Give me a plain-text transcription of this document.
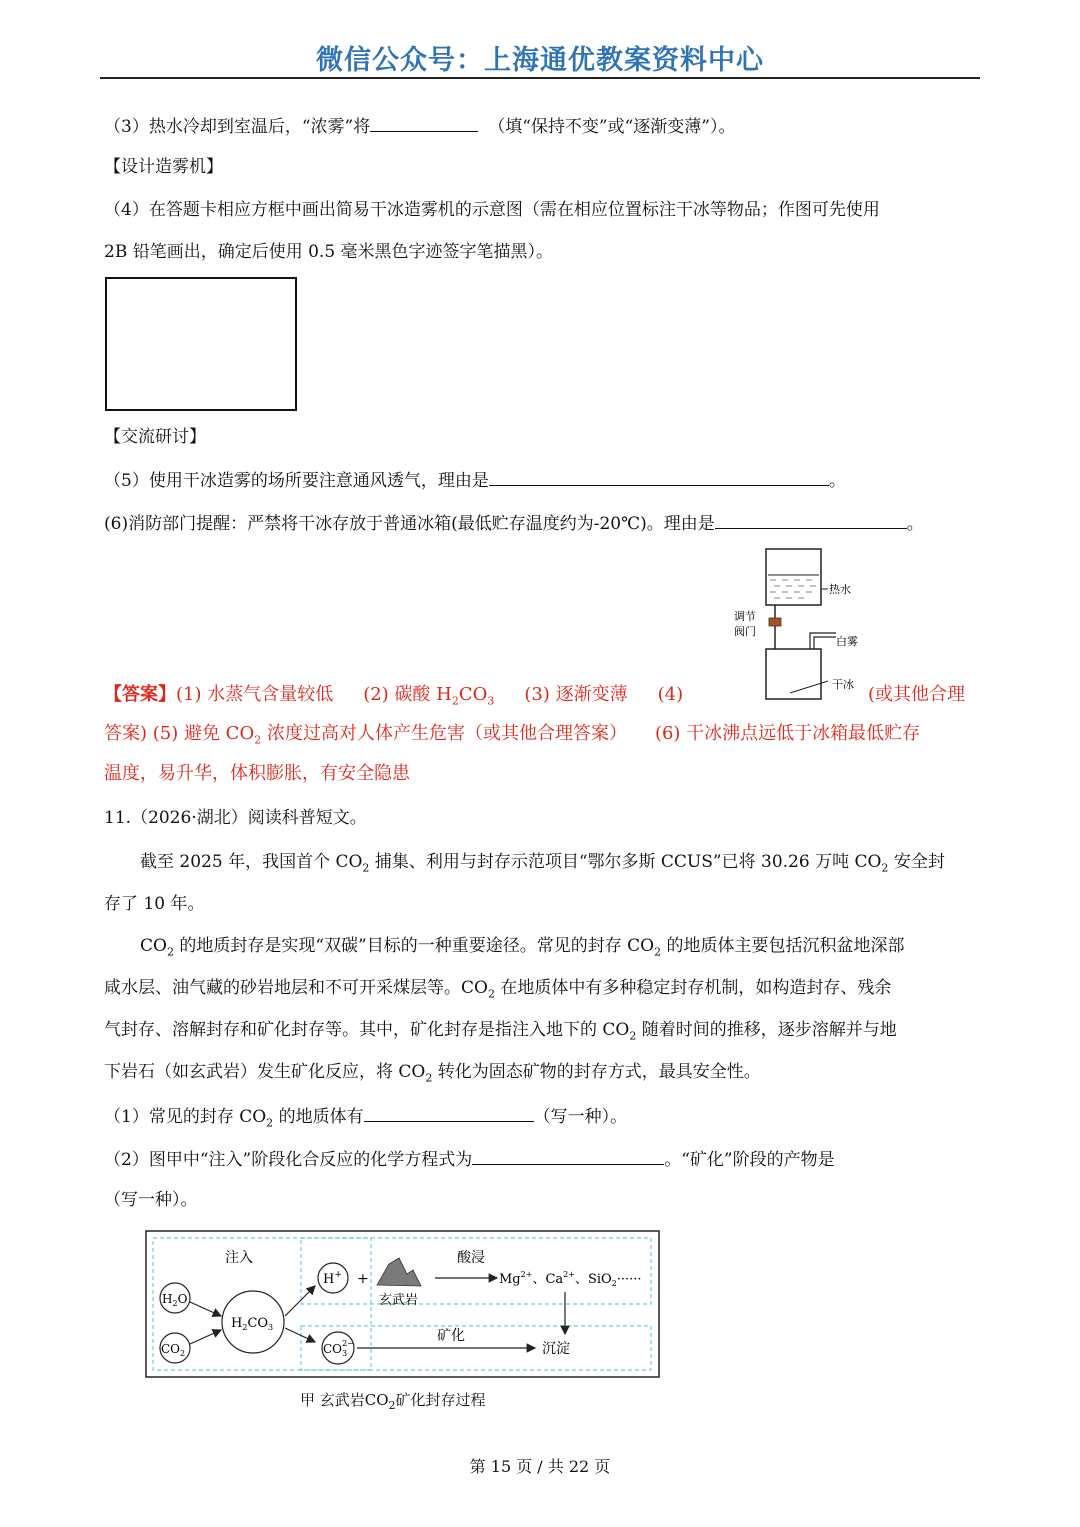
微信公众号：上海通优教案资料中心
（3）热水冷却到室温后，“浓雾”将	（填“保持不变”或“逐渐变薄”）。
【设计造雾机】
（4）在答题卡相应方框中画出简易干冰造雾机的示意图（需在相应位置标注干冰等物品；作图可先使用
2B 铅笔画出，确定后使用 0.5 毫米黑色字迹签字笔描黑）。
【交流研讨】
（5）使用干冰造雾的场所要注意通风透气，理由是	。
(6)消防部门提醒：严禁将干冰存放于普通冰箱(最低贮存温度约为-20℃)。理由是	。
热水
调节
阀门
白雾
干冰
【答案】(1) 水蒸气含量较低 (2) 碳酸 $H_2CO_3$ (3) 逐渐变薄 (4)	(或其他合理
答案) (5) 避免 $CO_2$ 浓度过高对人体产生危害（或其他合理答案） (6) 干冰沸点远低于冰箱最低贮存
温度，易升华，体积膨胀，有安全隐患
11.（2026·湖北）阅读科普短文。
截至 2025 年，我国首个 $CO_2$ 捕集、利用与封存示范项目“鄂尔多斯 CCUS”已将 30.26 万吨 $CO_2$ 安全封
存了 10 年。
$CO_2$ 的地质封存是实现“双碳”目标的一种重要途径。常见的封存 $CO_2$ 的地质体主要包括沉积盆地深部
咸水层、油气藏的砂岩地层和不可开采煤层等。$CO_2$ 在地质体中有多种稳定封存机制，如构造封存、残余
气封存、溶解封存和矿化封存等。其中，矿化封存是指注入地下的 $CO_2$ 随着时间的推移，逐步溶解并与地
下岩石（如玄武岩）发生矿化反应，将 $CO_2$ 转化为固态矿物的封存方式，最具安全性。
（1）常见的封存 $CO_2$ 的地质体有	（写一种）。
（2）图甲中“注入”阶段化合反应的化学方程式为	。“矿化”阶段的产物是
（写一种）。
注入
$H_2O$
$CO_2$
$H_2CO_3$
H+ +
玄武岩
酸浸
$Mg^{2+}$、$Ca^{2+}$、SiO$_2$······
$CO_32-$	矿化
沉淀
甲 玄武岩$CO_2$矿化封存过程
第 15 页 / 共 22 页
